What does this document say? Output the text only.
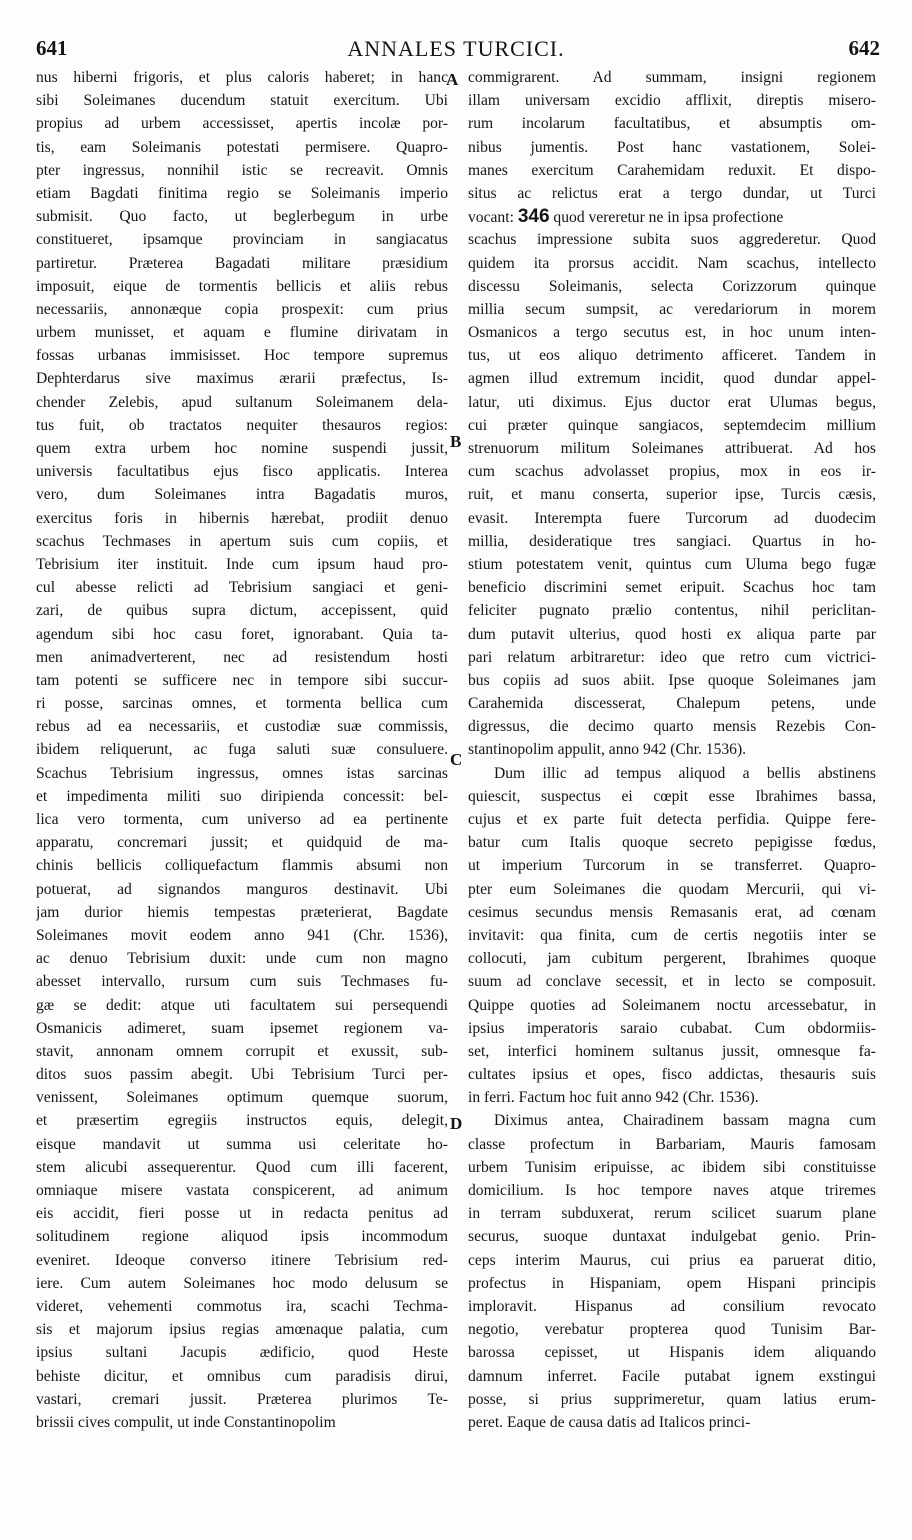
641	ANNALES TURCICI.	642
A
B
C
D
nus hiberni frigoris, et plus caloris haberet; in hanc
sibi Soleimanes ducendum statuit exercitum. Ubi
propius ad urbem accessisset, apertis incolæ por-
tis, eam Soleimanis potestati permisere. Quapro-
pter ingressus, nonnihil istic se recreavit. Omnis
etiam Bagdati finitima regio se Soleimanis imperio
submisit. Quo facto, ut beglerbegum in urbe
constitueret, ipsamque provinciam in sangiacatus
partiretur. Præterea Bagadati militare præsidium
imposuit, eique de tormentis bellicis et aliis rebus
necessariis, annonæque copia prospexit: cum prius
urbem munisset, et aquam e flumine dirivatam in
fossas urbanas immisisset. Hoc tempore supremus
Dephterdarus sive maximus ærarii præfectus, Is-
chender Zelebis, apud sultanum Soleimanem dela-
tus fuit, ob tractatos nequiter thesauros regios:
quem extra urbem hoc nomine suspendi jussit,
universis facultatibus ejus fisco applicatis. Interea
vero, dum Soleimanes intra Bagadatis muros,
exercitus foris in hibernis hærebat, prodiit denuo
scachus Techmases in apertum suis cum copiis, et
Tebrisium iter instituit. Inde cum ipsum haud pro-
cul abesse relicti ad Tebrisium sangiaci et geni-
zari, de quibus supra dictum, accepissent, quid
agendum sibi hoc casu foret, ignorabant. Quia ta-
men animadverterent, nec ad resistendum hosti
tam potenti se sufficere nec in tempore sibi succur-
ri posse, sarcinas omnes, et tormenta bellica cum
rebus ad ea necessariis, et custodiæ suæ commissis,
ibidem reliquerunt, ac fuga saluti suæ consuluere.
Scachus Tebrisium ingressus, omnes istas sarcinas
et impedimenta militi suo diripienda concessit: bel-
lica vero tormenta, cum universo ad ea pertinente
apparatu, concremari jussit; et quidquid de ma-
chinis bellicis colliquefactum flammis absumi non
potuerat, ad signandos manguros destinavit. Ubi
jam durior hiemis tempestas præterierat, Bagdate
Soleimanes movit eodem anno 941 (Chr. 1536),
ac denuo Tebrisium duxit: unde cum non magno
abesset intervallo, rursum cum suis Techmases fu-
gæ se dedit: atque uti facultatem sui persequendi
Osmanicis adimeret, suam ipsemet regionem va-
stavit, annonam omnem corrupit et exussit, sub-
ditos suos passim abegit. Ubi Tebrisium Turci per-
venissent, Soleimanes optimum quemque suorum,
et præsertim egregiis instructos equis, delegit,
eisque mandavit ut summa usi celeritate ho-
stem alicubi assequerentur. Quod cum illi facerent,
omniaque misere vastata conspicerent, ad animum
eis accidit, fieri posse ut in redacta penitus ad
solitudinem regione aliquod ipsis incommodum
eveniret. Ideoque converso itinere Tebrisium red-
iere. Cum autem Soleimanes hoc modo delusum se
videret, vehementi commotus ira, scachi Techma-
sis et majorum ipsius regias amœnaque palatia, cum
ipsius sultani Jacupis ædificio, quod Heste
behiste dicitur, et omnibus cum paradisis dirui,
vastari, cremari jussit. Præterea plurimos Te-
brissii cives compulit, ut inde Constantinopolim
commigrarent. Ad summam, insigni regionem
illam universam excidio afflixit, direptis misero-
rum incolarum facultatibus, et absumptis om-
nibus jumentis. Post hanc vastationem, Solei-
manes exercitum Carahemidam reduxit. Et dispo-
situs ac relictus erat a tergo dundar, ut Turci
vocant: 346 quod vereretur ne in ipsa profectione
scachus impressione subita suos aggrederetur. Quod
quidem ita prorsus accidit. Nam scachus, intellecto
discessu Soleimanis, selecta Corizzorum quinque
millia secum sumpsit, ac veredariorum in morem
Osmanicos a tergo secutus est, in hoc unum inten-
tus, ut eos aliquo detrimento afficeret. Tandem in
agmen illud extremum incidit, quod dundar appel-
latur, uti diximus. Ejus ductor erat Ulumas begus,
cui præter quinque sangiacos, septemdecim millium
strenuorum militum Soleimanes attribuerat. Ad hos
cum scachus advolasset propius, mox in eos ir-
ruit, et manu conserta, superior ipse, Turcis cæsis,
evasit. Interempta fuere Turcorum ad duodecim
millia, desideratique tres sangiaci. Quartus in ho-
stium potestatem venit, quintus cum Uluma bego fugæ
beneficio discrimini semet eripuit. Scachus hoc tam
feliciter pugnato prælio contentus, nihil periclitan-
dum putavit ulterius, quod hosti ex aliqua parte par
pari relatum arbitraretur: ideo que retro cum victrici-
bus copiis ad suos abiit. Ipse quoque Soleimanes jam
Carahemida discesserat, Chalepum petens, unde
digressus, die decimo quarto mensis Rezebis Con-
stantinopolim appulit, anno 942 (Chr. 1536).
Dum illic ad tempus aliquod a bellis abstinens
quiescit, suspectus ei cœpit esse Ibrahimes bassa,
cujus et ex parte fuit detecta perfidia. Quippe fere-
batur cum Italis quoque secreto pepigisse fœdus,
ut imperium Turcorum in se transferret. Quapro-
pter eum Soleimanes die quodam Mercurii, qui vi-
cesimus secundus mensis Remasanis erat, ad cœnam
invitavit: qua finita, cum de certis negotiis inter se
collocuti, jam cubitum pergerent, Ibrahimes quoque
suum ad conclave secessit, et in lecto se composuit.
Quippe quoties ad Soleimanem noctu arcessebatur, in
ipsius imperatoris saraio cubabat. Cum obdormiis-
set, interfici hominem sultanus jussit, omnesque fa-
cultates ipsius et opes, fisco addictas, thesauris suis
in ferri. Factum hoc fuit anno 942 (Chr. 1536).
Diximus antea, Chairadinem bassam magna cum
classe profectum in Barbariam, Mauris famosam
urbem Tunisim eripuisse, ac ibidem sibi constituisse
domicilium. Is hoc tempore naves atque triremes
in terram subduxerat, rerum scilicet suarum plane
securus, suoque duntaxat indulgebat genio. Prin-
ceps interim Maurus, cui prius ea paruerat ditio,
profectus in Hispaniam, opem Hispani principis
imploravit. Hispanus ad consilium revocato
negotio, verebatur propterea quod Tunisim Bar-
barossa cepisset, ut Hispanis idem aliquando
damnum inferret. Facile putabat ignem exstingui
posse, si prius supprimeretur, quam latius erum-
peret. Eaque de causa datis ad Italicos princi-
